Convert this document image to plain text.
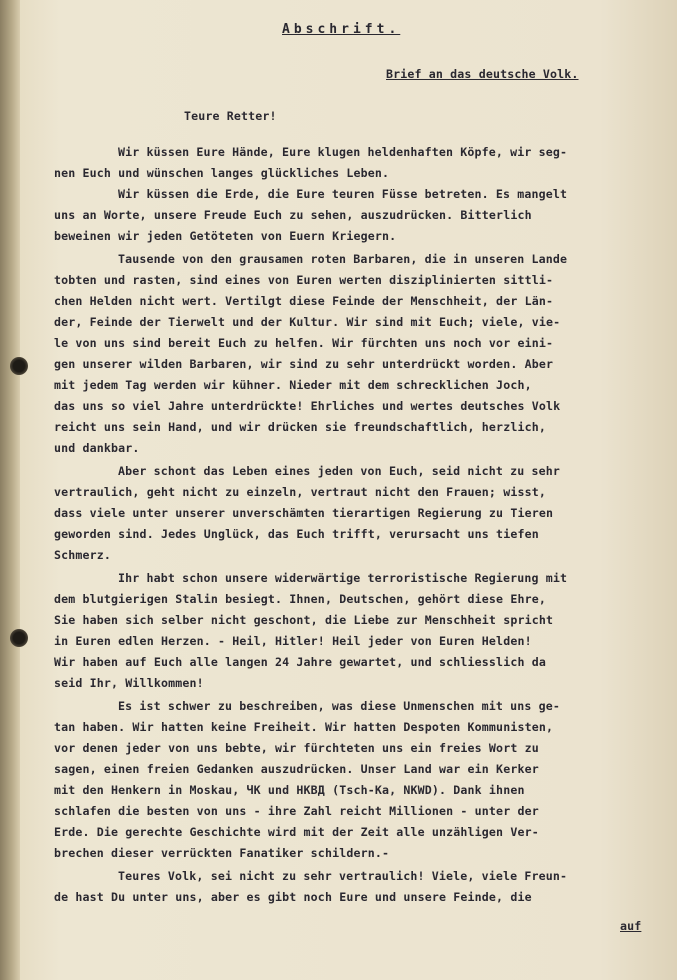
Abschrift.
Brief an das deutsche Volk.
Teure Retter!
Wir küssen Eure Hände, Eure klugen heldenhaften Köpfe, wir seg-
nen Euch und wünschen langes glückliches Leben.
Wir küssen die Erde, die Eure teuren Füsse betreten. Es mangelt
uns an Worte, unsere Freude Euch zu sehen, auszudrücken. Bitterlich
beweinen wir jeden Getöteten von Euern Kriegern.
Tausende von den grausamen roten Barbaren, die in unseren Lande
tobten und rasten, sind eines von Euren werten disziplinierten sittli-
chen Helden nicht wert. Vertilgt diese Feinde der Menschheit, der Län-
der, Feinde der Tierwelt und der Kultur. Wir sind mit Euch; viele, vie-
le von uns sind bereit Euch zu helfen. Wir fürchten uns noch vor eini-
gen unserer wilden Barbaren, wir sind zu sehr unterdrückt worden. Aber
mit jedem Tag werden wir kühner. Nieder mit dem schrecklichen Joch,
das uns so viel Jahre unterdrückte! Ehrliches und wertes deutsches Volk
reicht uns sein Hand, und wir drücken sie freundschaftlich, herzlich,
und dankbar.
Aber schont das Leben eines jeden von Euch, seid nicht zu sehr
vertraulich, geht nicht zu einzeln, vertraut nicht den Frauen; wisst,
dass viele unter unserer unverschämten tierartigen Regierung zu Tieren
geworden sind. Jedes Unglück, das Euch trifft, verursacht uns tiefen
Schmerz.
Ihr habt schon unsere widerwärtige terroristische Regierung mit
dem blutgierigen Stalin besiegt. Ihnen, Deutschen, gehört diese Ehre,
Sie haben sich selber nicht geschont, die Liebe zur Menschheit spricht
in Euren edlen Herzen. - Heil, Hitler! Heil jeder von Euren Helden!
Wir haben auf Euch alle langen 24 Jahre gewartet, und schliesslich da
seid Ihr, Willkommen!
Es ist schwer zu beschreiben, was diese Unmenschen mit uns ge-
tan haben. Wir hatten keine Freiheit. Wir hatten Despoten Kommunisten,
vor denen jeder von uns bebte, wir fürchteten uns ein freies Wort zu
sagen, einen freien Gedanken auszudrücken. Unser Land war ein Kerker
mit den Henkern in Moskau, ЧК und НКВД (Tsch-Ka, NKWD). Dank ihnen
schlafen die besten von uns - ihre Zahl reicht Millionen - unter der
Erde. Die gerechte Geschichte wird mit der Zeit alle unzähligen Ver-
brechen dieser verrückten Fanatiker schildern.-
Teures Volk, sei nicht zu sehr vertraulich! Viele, viele Freun-
de hast Du unter uns, aber es gibt noch Eure und unsere Feinde, die
auf
